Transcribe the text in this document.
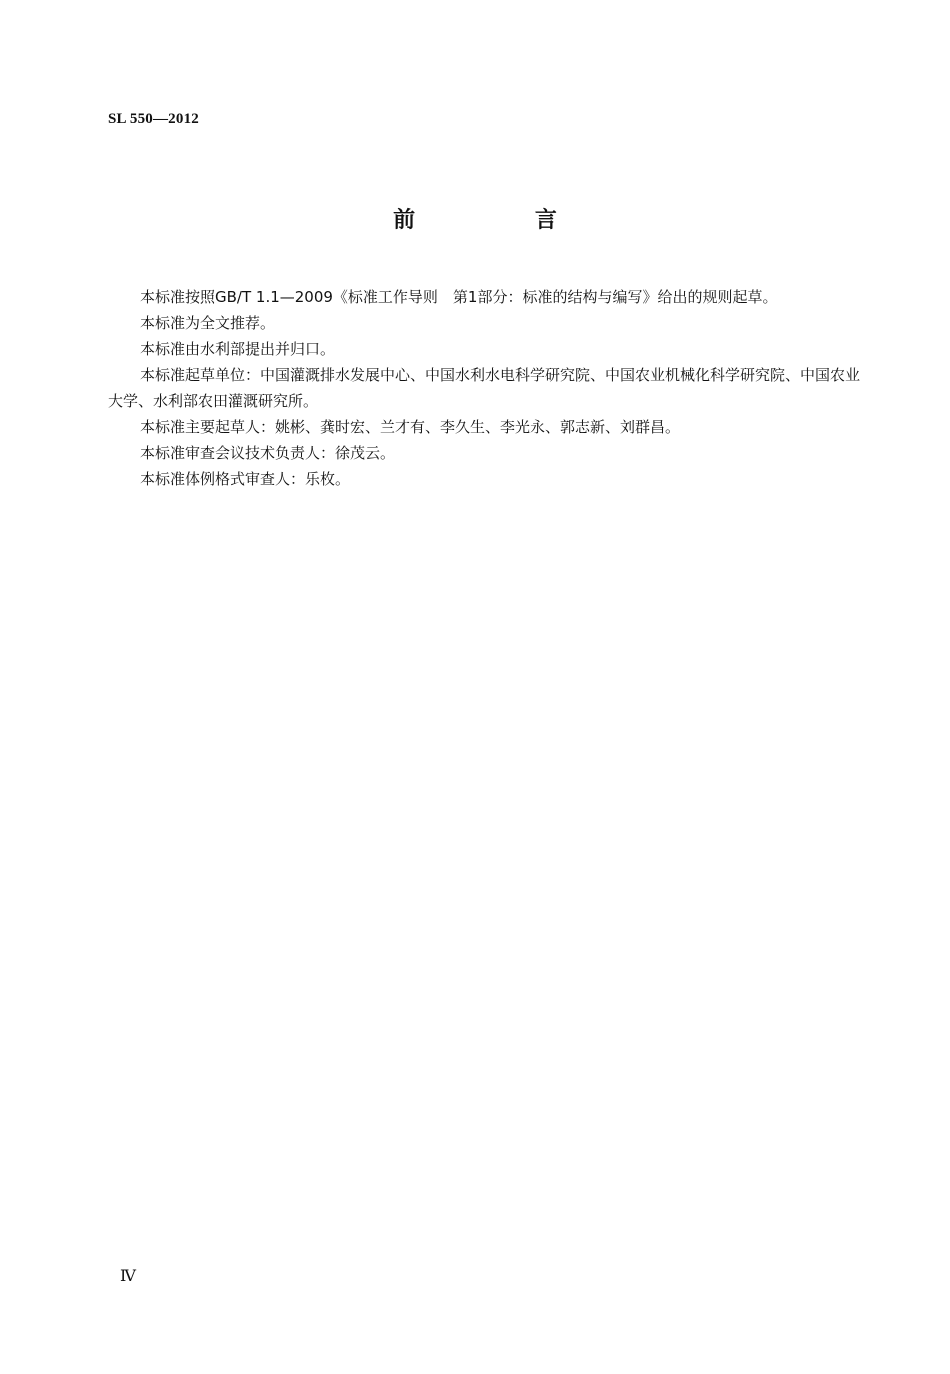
SL 550—2012
前 言

本标准按照GB/T 1.1—2009《标准工作导则　第1部分：标准的结构与编写》给出的规则起草。

本标准为全文推荐。

本标准由水利部提出并归口。

本标准起草单位：中国灌溉排水发展中心、中国水利水电科学研究院、中国农业机械化科学研究院、中国农业大学、水利部农田灌溉研究所。

本标准主要起草人：姚彬、龚时宏、兰才有、李久生、李光永、郭志新、刘群昌。

本标准审查会议技术负责人：徐茂云。

本标准体例格式审查人：乐枚。

Ⅳ
